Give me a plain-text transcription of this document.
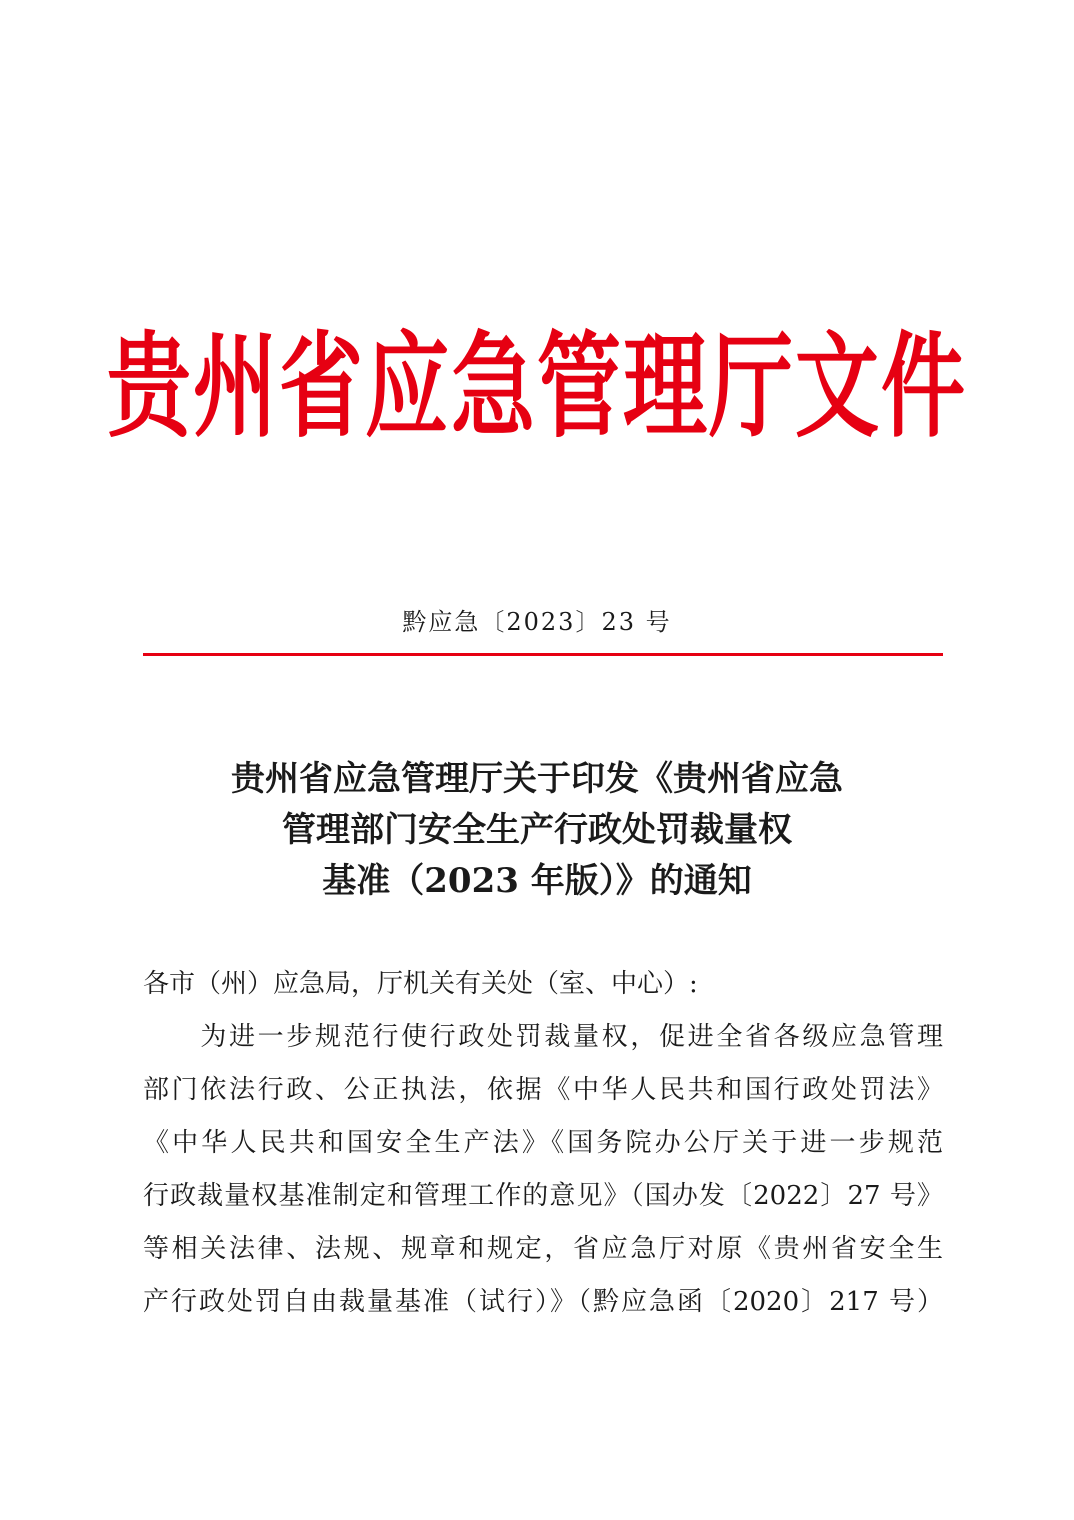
贵州省应急管理厅文件
黔应急〔2023〕23 号
贵州省应急管理厅关于印发《贵州省应急
管理部门安全生产行政处罚裁量权
基准（2023 年版）》的通知
各市（州）应急局，厅机关有关处（室、中心）:
　　为进一步规范行使行政处罚裁量权，促进全省各级应急管理
部门依法行政、公正执法，依据《中华人民共和国行政处罚法》
《中华人民共和国安全生产法》《国务院办公厅关于进一步规范
行政裁量权基准制定和管理工作的意见》（国办发〔2022〕27 号》
等相关法律、法规、规章和规定，省应急厅对原《贵州省安全生
产行政处罚自由裁量基准（试行）》（黔应急函〔2020〕217 号）
